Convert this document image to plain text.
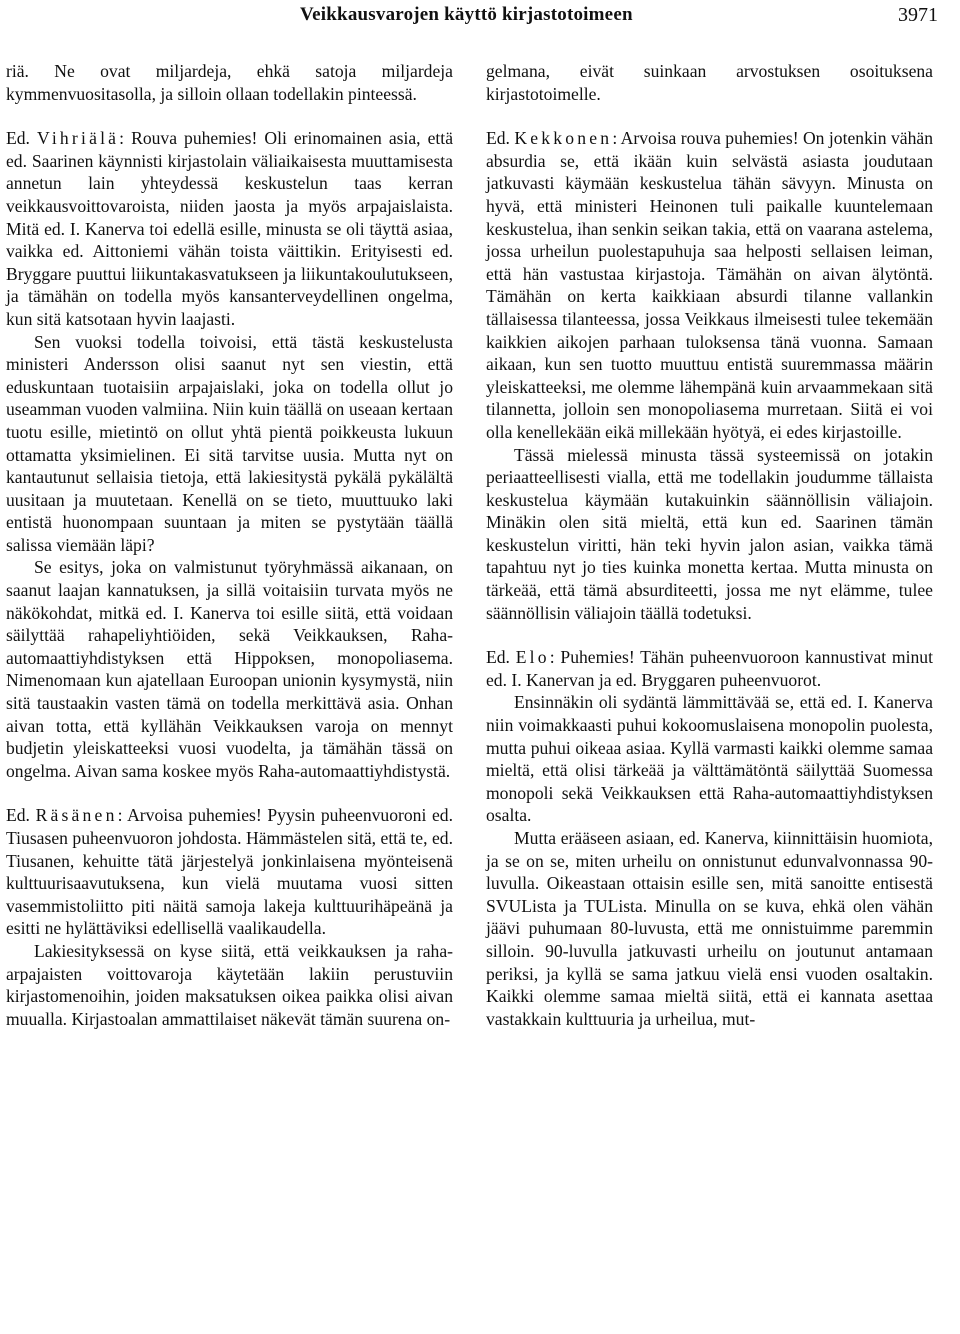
Veikkausvarojen käyttö kirjastotoimeen	3971

riä. Ne ovat miljardeja, ehkä satoja miljardeja kymmenvuositasolla, ja silloin ollaan todellakin pinteessä.

Ed. Vihriälä: Rouva puhemies! Oli erinomainen asia, että ed. Saarinen käynnisti kirjastolain väliaikaisesta muuttamisesta annetun lain yhteydessä keskustelun taas kerran veikkausvoittovaroista, niiden jaosta ja myös arpajaislaista. Mitä ed. I. Kanerva toi edellä esille, minusta se oli täyttä asiaa, vaikka ed. Aittoniemi vähän toista väittikin. Erityisesti ed. Bryggare puuttui liikuntakasvatukseen ja liikuntakoulutukseen, ja tämähän on todella myös kansanterveydellinen ongelma, kun sitä katsotaan hyvin laajasti.

Sen vuoksi todella toivoisi, että tästä keskustelusta ministeri Andersson olisi saanut nyt sen viestin, että eduskuntaan tuotaisiin arpajaislaki, joka on todella ollut jo useamman vuoden valmiina. Niin kuin täällä on useaan kertaan tuotu esille, mietintö on ollut yhtä pientä poikkeusta lukuun ottamatta yksimielinen. Ei sitä tarvitse uusia. Mutta nyt on kantautunut sellaisia tietoja, että lakiesitystä pykälä pykälältä uusitaan ja muutetaan. Kenellä on se tieto, muuttuuko laki entistä huonompaan suuntaan ja miten se pystytään täällä salissa viemään läpi?

Se esitys, joka on valmistunut työryhmässä aikanaan, on saanut laajan kannatuksen, ja sillä voitaisiin turvata myös ne näkökohdat, mitkä ed. I. Kanerva toi esille siitä, että voidaan säilyttää rahapeliyhtiöiden, sekä Veikkauksen, Raha-automaattiyhdistyksen että Hippoksen, monopoliasema. Nimenomaan kun ajatellaan Euroopan unionin kysymystä, niin sitä taustaakin vasten tämä on todella merkittävä asia. Onhan aivan totta, että kyllähän Veikkauksen varoja on mennyt budjetin yleiskatteeksi vuosi vuodelta, ja tämähän tässä on ongelma. Aivan sama koskee myös Raha-automaattiyhdistystä.

Ed. Räsänen: Arvoisa puhemies! Pyysin puheenvuoroni ed. Tiusasen puheenvuoron johdosta. Hämmästelen sitä, että te, ed. Tiusanen, kehuitte tätä järjestelyä jonkinlaisena myönteisenä kulttuurisaavutuksena, kun vielä muutama vuosi sitten vasemmistoliitto piti näitä samoja lakeja kulttuurihäpeänä ja esitti ne hylättäviksi edellisellä vaalikaudella.

Lakiesityksessä on kyse siitä, että veikkauksen ja raha-arpajaisten voittovaroja käytetään lakiin perustuviin kirjastomenoihin, joiden maksatuksen oikea paikka olisi aivan muualla. Kirjastoalan ammattilaiset näkevät tämän suurena on-

gelmana, eivät suinkaan arvostuksen osoituksena kirjastotoimelle.

Ed. Kekkonen: Arvoisa rouva puhemies! On jotenkin vähän absurdia se, että ikään kuin selvästä asiasta joudutaan jatkuvasti käymään keskustelua tähän sävyyn. Minusta on hyvä, että ministeri Heinonen tuli paikalle kuuntelemaan keskustelua, ihan senkin seikan takia, että on vaarana astelema, jossa urheilun puolestapuhuja saa helposti sellaisen leiman, että hän vastustaa kirjastoja. Tämähän on aivan älytöntä. Tämähän on kerta kaikkiaan absurdi tilanne vallankin tällaisessa tilanteessa, jossa Veikkaus ilmeisesti tulee tekemään kaikkien aikojen parhaan tuloksensa tänä vuonna. Samaan aikaan, kun sen tuotto muuttuu entistä suuremmassa määrin yleiskatteeksi, me olemme lähempänä kuin arvaammekaan sitä tilannetta, jolloin sen monopoliasema murretaan. Siitä ei voi olla kenellekään eikä millekään hyötyä, ei edes kirjastoille.

Tässä mielessä minusta tässä systeemissä on jotakin periaatteellisesti vialla, että me todellakin joudumme tällaista keskustelua käymään kutakuinkin säännöllisin väliajoin. Minäkin olen sitä mieltä, että kun ed. Saarinen tämän keskustelun viritti, hän teki hyvin jalon asian, vaikka tämä tapahtuu nyt jo ties kuinka monetta kertaa. Mutta minusta on tärkeää, että tämä absurditeetti, jossa me nyt elämme, tulee säännöllisin väliajoin täällä todetuksi.

Ed. Elo: Puhemies! Tähän puheenvuoroon kannustivat minut ed. I. Kanervan ja ed. Bryggaren puheenvuorot.

Ensinnäkin oli sydäntä lämmittävää se, että ed. I. Kanerva niin voimakkaasti puhui kokoomuslaisena monopolin puolesta, mutta puhui oikeaa asiaa. Kyllä varmasti kaikki olemme samaa mieltä, että olisi tärkeää ja välttämätöntä säilyttää Suomessa monopoli sekä Veikkauksen että Raha-automaattiyhdistyksen osalta.

Mutta erääseen asiaan, ed. Kanerva, kiinnittäisin huomiota, ja se on se, miten urheilu on onnistunut edunvalvonnassa 90-luvulla. Oikeastaan ottaisin esille sen, mitä sanoitte entisestä SVULista ja TULista. Minulla on se kuva, ehkä olen vähän jäävi puhumaan 80-luvusta, että me onnistuimme paremmin silloin. 90-luvulla jatkuvasti urheilu on joutunut antamaan periksi, ja kyllä se sama jatkuu vielä ensi vuoden osaltakin. Kaikki olemme samaa mieltä siitä, että ei kannata asettaa vastakkain kulttuuria ja urheilua, mut-
